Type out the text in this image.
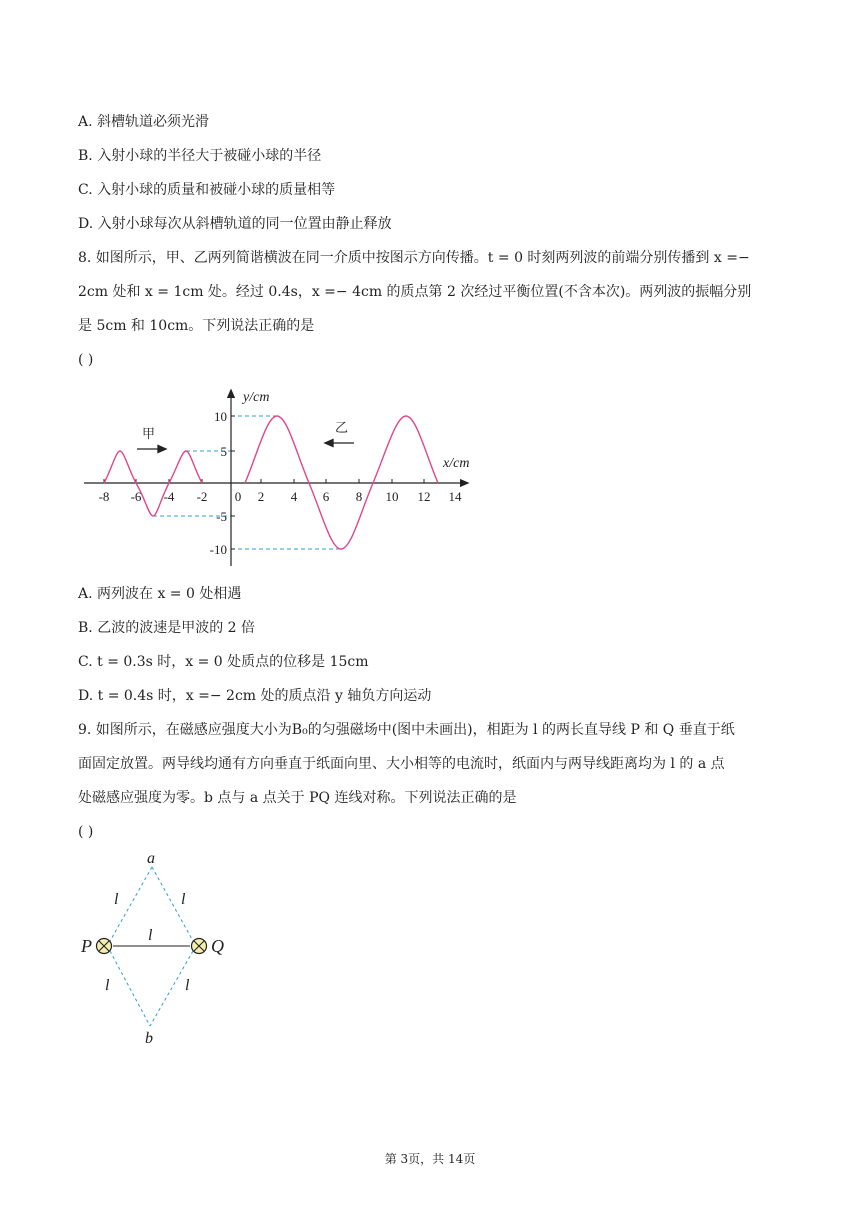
A. 斜槽轨道必须光滑
B. 入射小球的半径大于被碰小球的半径
C. 入射小球的质量和被碰小球的质量相等
D. 入射小球每次从斜槽轨道的同一位置由静止释放
8. 如图所示，甲、乙两列简谐横波在同一介质中按图示方向传播。t = 0 时刻两列波的前端分别传播到 x =−
2cm 处和 x = 1cm 处。经过 0.4s，x =− 4cm 的质点第 2 次经过平衡位置(不含本次)。两列波的振幅分别
是 5cm 和 10cm。下列说法正确的是
( )
甲	乙
y/cm
x/cm
-8 -6 -4 -2 0 2 4 6 8 10 12 14
10
5
-5
-10
A. 两列波在 x = 0 处相遇
B. 乙波的波速是甲波的 2 倍
C. t = 0.3s 时，x = 0 处质点的位移是 15cm
D. t = 0.4s 时，x =− 2cm 处的质点沿 y 轴负方向运动
9. 如图所示，在磁感应强度大小为B₀的匀强磁场中(图中未画出)，相距为 l 的两长直导线 P 和 Q 垂直于纸
面固定放置。两导线均通有方向垂直于纸面向里、大小相等的电流时，纸面内与两导线距离均为 l 的 a 点
处磁感应强度为零。b 点与 a 点关于 PQ 连线对称。下列说法正确的是
( )
a
b
P	Q
l	l
l
l	l
第 3页，共 14页
